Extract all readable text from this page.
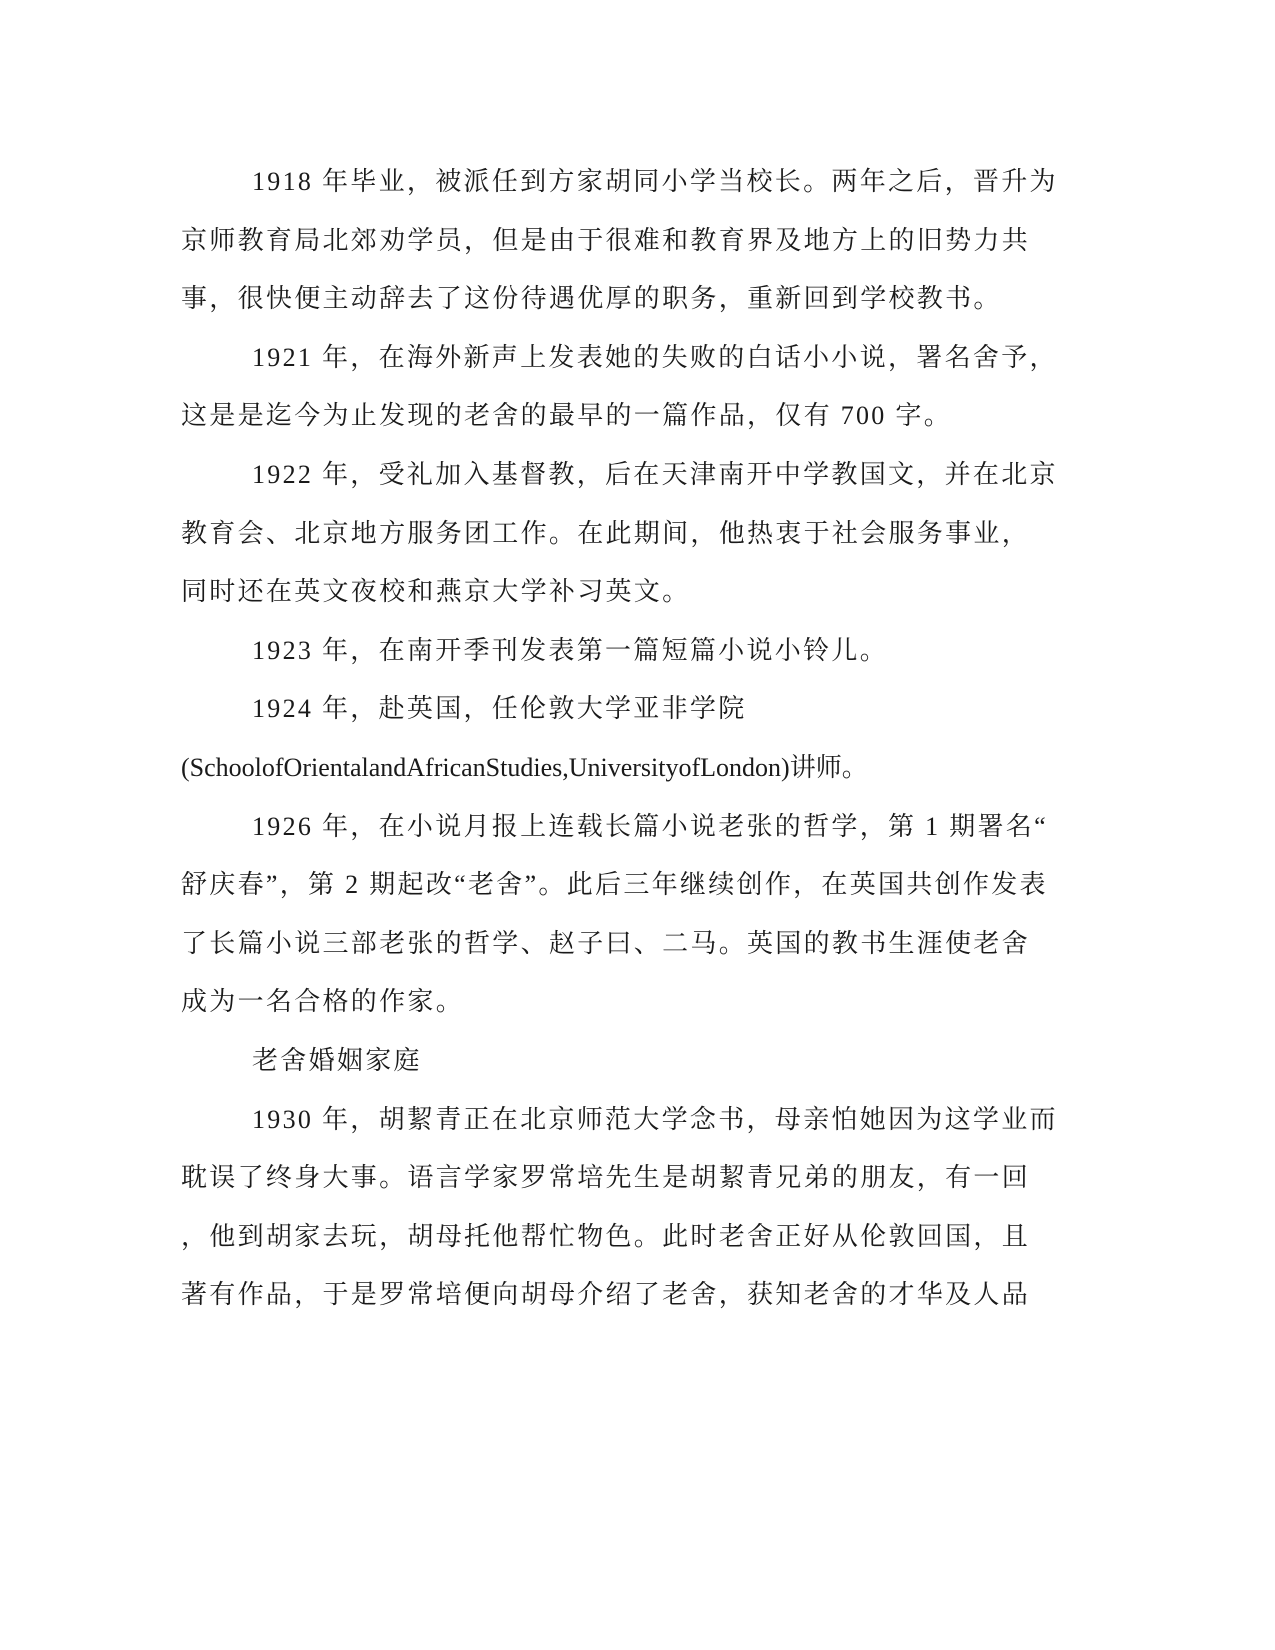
1918 年毕业，被派任到方家胡同小学当校长。两年之后，晋升为
京师教育局北郊劝学员，但是由于很难和教育界及地方上的旧势力共
事，很快便主动辞去了这份待遇优厚的职务，重新回到学校教书。
1921 年，在海外新声上发表她的失败的白话小小说，署名舍予，
这是是迄今为止发现的老舍的最早的一篇作品，仅有 700 字。
1922 年，受礼加入基督教，后在天津南开中学教国文，并在北京
教育会、北京地方服务团工作。在此期间，他热衷于社会服务事业，
同时还在英文夜校和燕京大学补习英文。
1923 年，在南开季刊发表第一篇短篇小说小铃儿。
1924 年，赴英国，任伦敦大学亚非学院
(SchoolofOrientalandAfricanStudies,UniversityofLondon)讲师。
1926 年，在小说月报上连载长篇小说老张的哲学，第 1 期署名“
舒庆春”，第 2 期起改“老舍”。此后三年继续创作，在英国共创作发表
了长篇小说三部老张的哲学、赵子曰、二马。英国的教书生涯使老舍
成为一名合格的作家。
老舍婚姻家庭
1930 年，胡絜青正在北京师范大学念书，母亲怕她因为这学业而
耽误了终身大事。语言学家罗常培先生是胡絜青兄弟的朋友，有一回
，他到胡家去玩，胡母托他帮忙物色。此时老舍正好从伦敦回国，且
著有作品，于是罗常培便向胡母介绍了老舍，获知老舍的才华及人品
